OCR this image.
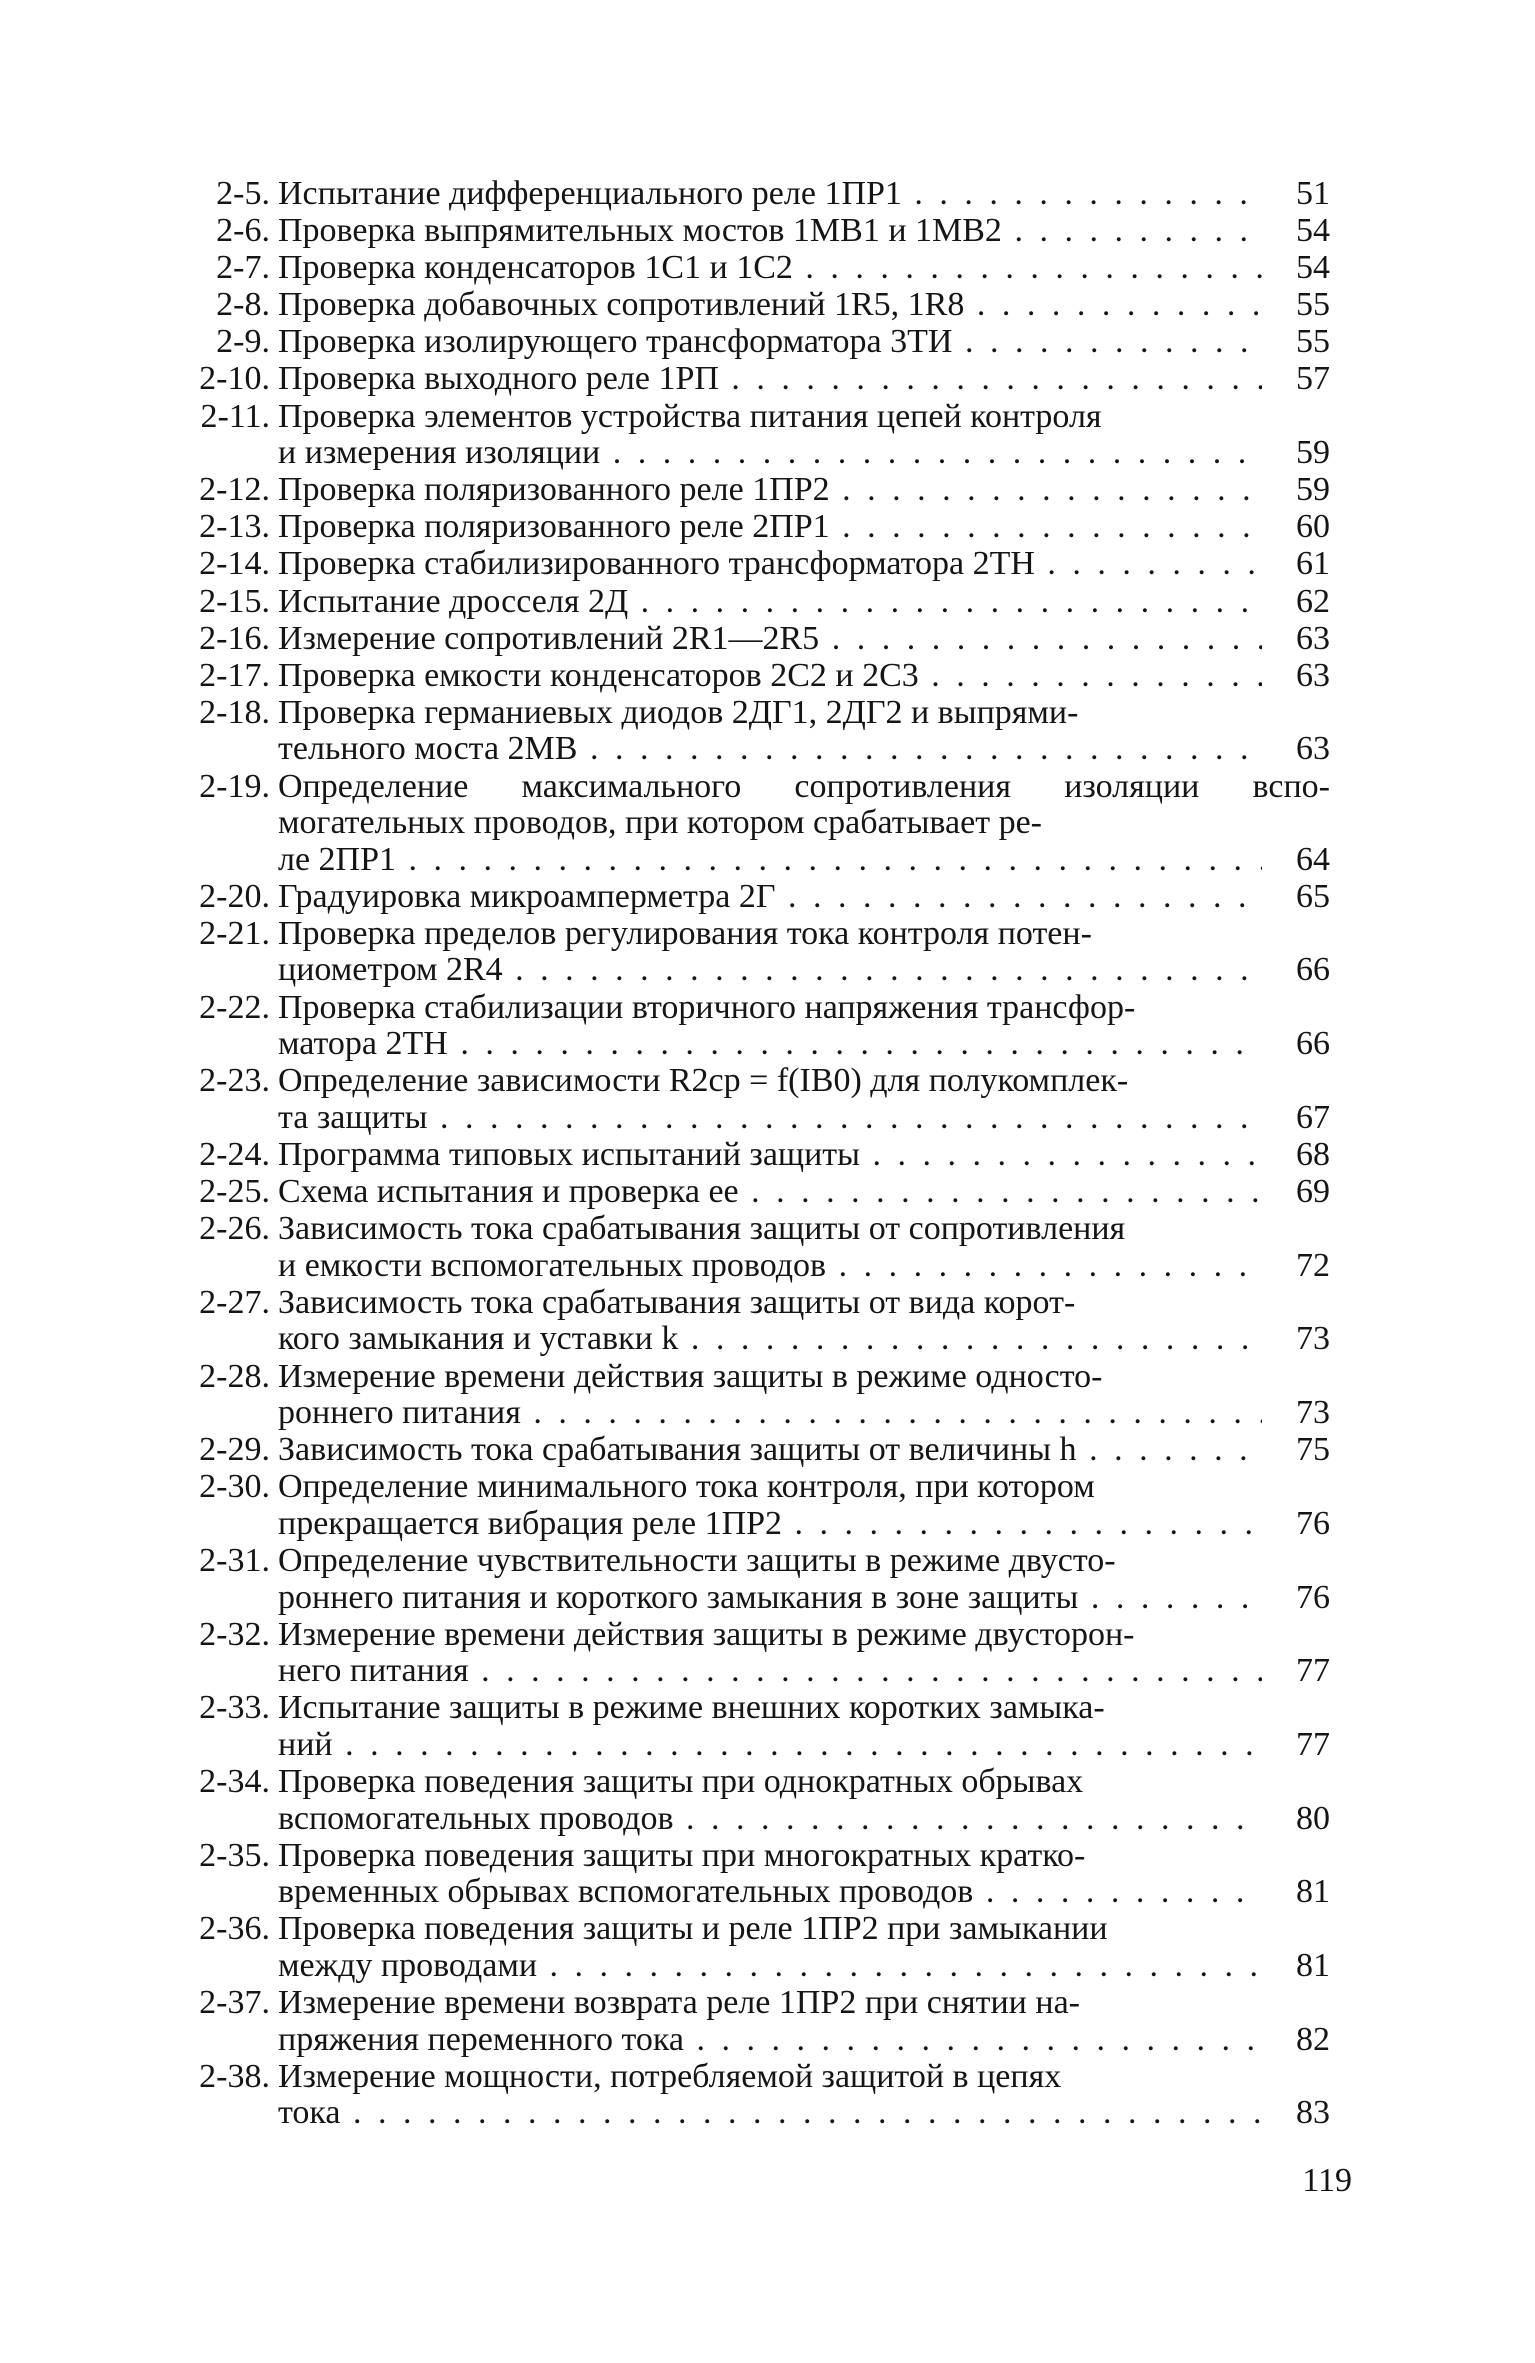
2-5. Испытание дифференциального реле 1ПР1 . . .	51
2-6. Проверка выпрямительных мостов 1МВ1 и 1МВ2 . . .	54
2-7. Проверка конденсаторов 1С1 и 1С2 . . .	54
2-8. Проверка добавочных сопротивлений 1R5, 1R8 . . .	55
2-9. Проверка изолирующего трансформатора 3ТИ . . .	55
2-10. Проверка выходного реле 1РП . . .	57
2-11. Проверка элементов устройства питания цепей контроля
и измерения изоляции . . .	59
2-12. Проверка поляризованного реле 1ПР2 . . .	59
2-13. Проверка поляризованного реле 2ПР1 . . .	60
2-14. Проверка стабилизированного трансформатора 2ТН . . .	61
2-15. Испытание дросселя 2Д . . .	62
2-16. Измерение сопротивлений 2R1—2R5 . . .	63
2-17. Проверка емкости конденсаторов 2С2 и 2С3 . . .	63
2-18. Проверка германиевых диодов 2ДГ1, 2ДГ2 и выпрями-
тельного моста 2МВ . . .	63
2-19. Определение максимального сопротивления изоляции вспо- могательных проводов, при котором срабатывает ре-
ле 2ПР1 . . .	64
2-20. Градуировка микроамперметра 2Г . . .	65
2-21. Проверка пределов регулирования тока контроля потен-
циометром 2R4 . . .	66
2-22. Проверка стабилизации вторичного напряжения трансфор-
матора 2ТН . . .	66
2-23. Определение зависимости R2ср = f(IВ0) для полукомплек-
та защиты . . .	67
2-24. Программа типовых испытаний защиты . . .	68
2-25. Схема испытания и проверка ее . . .	69
2-26. Зависимость тока срабатывания защиты от сопротивления
и емкости вспомогательных проводов . . .	72
2-27. Зависимость тока срабатывания защиты от вида корот-
кого замыкания и уставки k . . .	73
2-28. Измерение времени действия защиты в режиме односто-
роннего питания . . .	73
2-29. Зависимость тока срабатывания защиты от величины h . . .	75
2-30. Определение минимального тока контроля, при котором
прекращается вибрация реле 1ПР2 . . .	76
2-31. Определение чувствительности защиты в режиме двусто-
роннего питания и короткого замыкания в зоне защиты . . .	76
2-32. Измерение времени действия защиты в режиме двусторон-
него питания . . .	77
2-33. Испытание защиты в режиме внешних коротких замыка-
ний . . .	77
2-34. Проверка поведения защиты при однократных обрывах
вспомогательных проводов . . .	80
2-35. Проверка поведения защиты при многократных кратко-
временных обрывах вспомогательных проводов . . .	81
2-36. Проверка поведения защиты и реле 1ПР2 при замыкании
между проводами . . .	81
2-37. Измерение времени возврата реле 1ПР2 при снятии на-
пряжения переменного тока . . .	82
2-38. Измерение мощности, потребляемой защитой в цепях
тока . . .	83
119
